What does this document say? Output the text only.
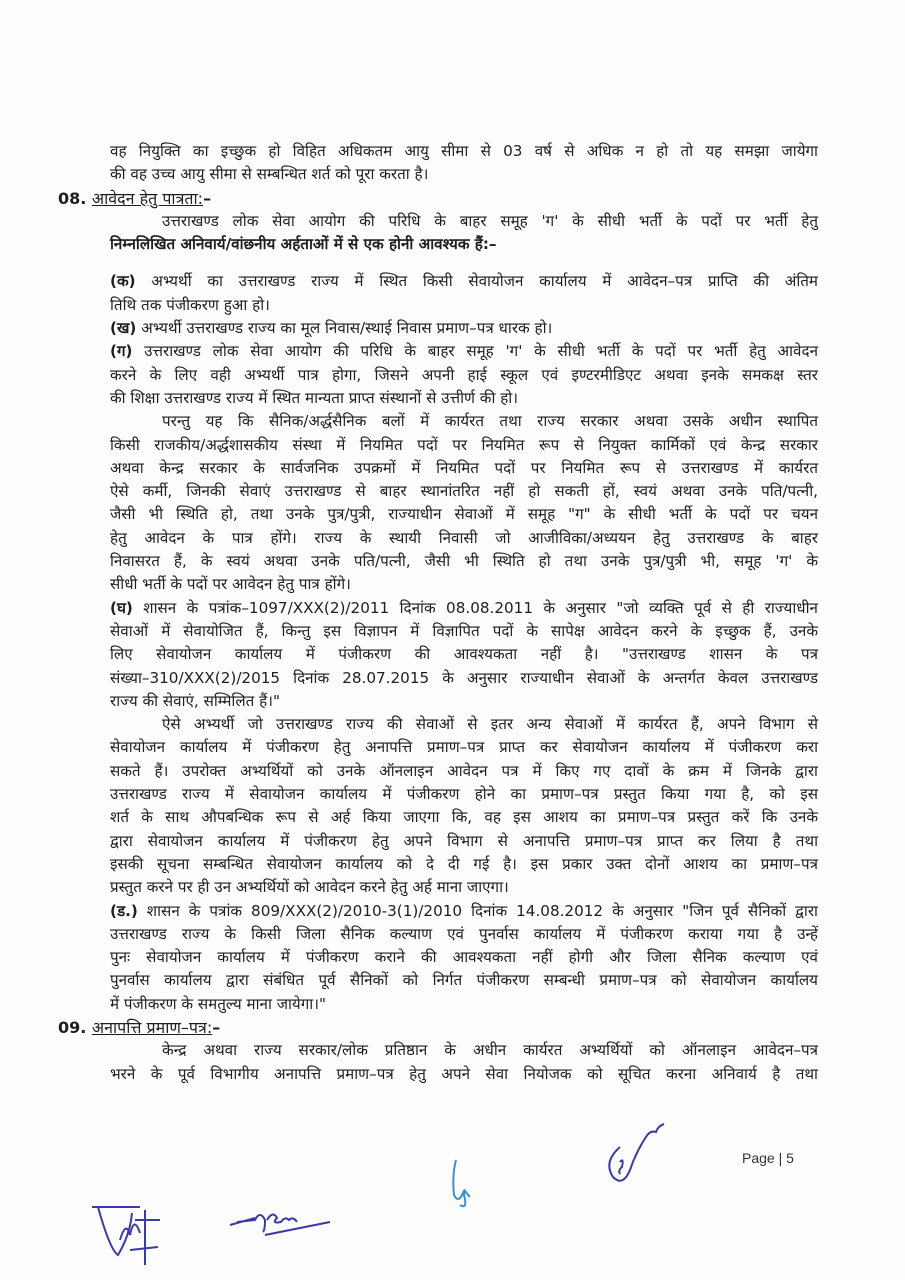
वह नियुक्ति का इच्छुक हो विहित अधिकतम आयु सीमा से 03 वर्ष से अधिक न हो तो यह समझा जायेगा
की वह उच्च आयु सीमा से सम्बन्धित शर्त को पूरा करता है।
08. आवेदन हेतु पात्रता:–
उत्तराखण्ड लोक सेवा आयोग की परिधि के बाहर समूह 'ग' के सीधी भर्ती के पदों पर भर्ती हेतु
निम्नलिखित अनिवार्य/वांछनीय अर्हताओं में से एक होनी आवश्यक हैं:–
(क) अभ्यर्थी का उत्तराखण्ड राज्य में स्थित किसी सेवायोजन कार्यालय में आवेदन–पत्र प्राप्ति की अंतिम
तिथि तक पंजीकरण हुआ हो।
(ख) अभ्यर्थी उत्तराखण्ड राज्य का मूल निवास/स्थाई निवास प्रमाण–पत्र धारक हो।
(ग) उत्तराखण्ड लोक सेवा आयोग की परिधि के बाहर समूह 'ग' के सीधी भर्ती के पदों पर भर्ती हेतु आवेदन
करने के लिए वही अभ्यर्थी पात्र होगा, जिसने अपनी हाई स्कूल एवं इण्टरमीडिएट अथवा इनके समकक्ष स्तर
की शिक्षा उत्तराखण्ड राज्य में स्थित मान्यता प्राप्त संस्थानों से उत्तीर्ण की हो।
परन्तु यह कि सैनिक/अर्द्धसैनिक बलों में कार्यरत तथा राज्य सरकार अथवा उसके अधीन स्थापित
किसी राजकीय/अर्द्धशासकीय संस्था में नियमित पदों पर नियमित रूप से नियुक्त कार्मिकों एवं केन्द्र सरकार
अथवा केन्द्र सरकार के सार्वजनिक उपक्रमों में नियमित पदों पर नियमित रूप से उत्तराखण्ड में कार्यरत
ऐसे कर्मी, जिनकी सेवाएं उत्तराखण्ड से बाहर स्थानांतरित नहीं हो सकती हों, स्वयं अथवा उनके पति/पत्नी,
जैसी भी स्थिति हो, तथा उनके पुत्र/पुत्री, राज्याधीन सेवाओं में समूह "ग" के सीधी भर्ती के पदों पर चयन
हेतु आवेदन के पात्र होंगे। राज्य के स्थायी निवासी जो आजीविका/अध्ययन हेतु उत्तराखण्ड के बाहर
निवासरत हैं, के स्वयं अथवा उनके पति/पत्नी, जैसी भी स्थिति हो तथा उनके पुत्र/पुत्री भी, समूह 'ग' के
सीधी भर्ती के पदों पर आवेदन हेतु पात्र होंगे।
(घ) शासन के पत्रांक–1097/XXX(2)/2011 दिनांक 08.08.2011 के अनुसार "जो व्यक्ति पूर्व से ही राज्याधीन
सेवाओं में सेवायोजित हैं, किन्तु इस विज्ञापन में विज्ञापित पदों के सापेक्ष आवेदन करने के इच्छुक हैं, उनके
लिए सेवायोजन कार्यालय में पंजीकरण की आवश्यकता नहीं है। "उत्तराखण्ड शासन के पत्र
संख्या–310/XXX(2)/2015 दिनांक 28.07.2015 के अनुसार राज्याधीन सेवाओं के अन्तर्गत केवल उत्तराखण्ड
राज्य की सेवाएं, सम्मिलित हैं।"
ऐसे अभ्यर्थी जो उत्तराखण्ड राज्य की सेवाओं से इतर अन्य सेवाओं में कार्यरत हैं, अपने विभाग से
सेवायोजन कार्यालय में पंजीकरण हेतु अनापत्ति प्रमाण–पत्र प्राप्त कर सेवायोजन कार्यालय में पंजीकरण करा
सकते हैं। उपरोक्त अभ्यर्थियों को उनके ऑनलाइन आवेदन पत्र में किए गए दावों के क्रम में जिनके द्वारा
उत्तराखण्ड राज्य में सेवायोजन कार्यालय में पंजीकरण होने का प्रमाण–पत्र प्रस्तुत किया गया है, को इस
शर्त के साथ औपबन्धिक रूप से अर्ह किया जाएगा कि, वह इस आशय का प्रमाण–पत्र प्रस्तुत करें कि उनके
द्वारा सेवायोजन कार्यालय में पंजीकरण हेतु अपने विभाग से अनापत्ति प्रमाण–पत्र प्राप्त कर लिया है तथा
इसकी सूचना सम्बन्धित सेवायोजन कार्यालय को दे दी गई है। इस प्रकार उक्त दोनों आशय का प्रमाण–पत्र
प्रस्तुत करने पर ही उन अभ्यर्थियों को आवेदन करने हेतु अर्ह माना जाएगा।
(ड.) शासन के पत्रांक 809/XXX(2)/2010-3(1)/2010 दिनांक 14.08.2012 के अनुसार "जिन पूर्व सैनिकों द्वारा
उत्तराखण्ड राज्य के किसी जिला सैनिक कल्याण एवं पुनर्वास कार्यालय में पंजीकरण कराया गया है उन्हें
पुनः सेवायोजन कार्यालय में पंजीकरण कराने की आवश्यकता नहीं होगी और जिला सैनिक कल्याण एवं
पुनर्वास कार्यालय द्वारा संबंधित पूर्व सैनिकों को निर्गत पंजीकरण सम्बन्धी प्रमाण–पत्र को सेवायोजन कार्यालय
में पंजीकरण के समतुल्य माना जायेगा।"
09. अनापत्ति प्रमाण–पत्र:–
केन्द्र अथवा राज्य सरकार/लोक प्रतिष्ठान के अधीन कार्यरत अभ्यर्थियों को ऑनलाइन आवेदन–पत्र
भरने के पूर्व विभागीय अनापत्ति प्रमाण–पत्र हेतु अपने सेवा नियोजक को सूचित करना अनिवार्य है तथा
Page | 5
